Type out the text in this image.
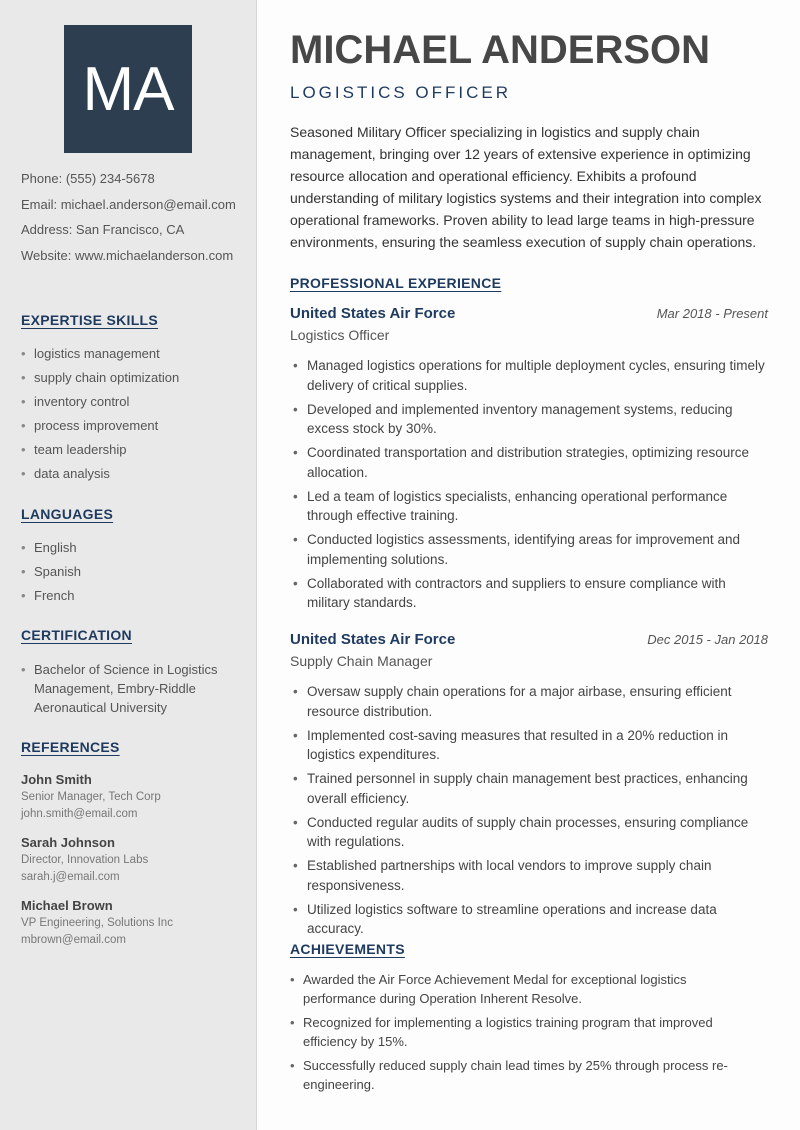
MA
Phone: (555) 234-5678
Email: michael.anderson@email.com
Address: San Francisco, CA
Website: www.michaelanderson.com
EXPERTISE SKILLS
• logistics management
• supply chain optimization
• inventory control
• process improvement
• team leadership
• data analysis
LANGUAGES
• English
• Spanish
• French
CERTIFICATION
• Bachelor of Science in Logistics Management, Embry-Riddle Aeronautical University
REFERENCES
John Smith
Senior Manager, Tech Corp
john.smith@email.com
Sarah Johnson
Director, Innovation Labs
sarah.j@email.com
Michael Brown
VP Engineering, Solutions Inc
mbrown@email.com
MICHAEL ANDERSON
LOGISTICS OFFICER

Seasoned Military Officer specializing in logistics and supply chain management, bringing over 12 years of extensive experience in optimizing resource allocation and operational efficiency. Exhibits a profound understanding of military logistics systems and their integration into complex operational frameworks. Proven ability to lead large teams in high-pressure environments, ensuring the seamless execution of supply chain operations.

PROFESSIONAL EXPERIENCE
United States Air Force	Mar 2018 - Present
Logistics Officer
• Managed logistics operations for multiple deployment cycles, ensuring timely delivery of critical supplies.
• Developed and implemented inventory management systems, reducing excess stock by 30%.
• Coordinated transportation and distribution strategies, optimizing resource allocation.
• Led a team of logistics specialists, enhancing operational performance through effective training.
• Conducted logistics assessments, identifying areas for improvement and implementing solutions.
• Collaborated with contractors and suppliers to ensure compliance with military standards.
United States Air Force	Dec 2015 - Jan 2018
Supply Chain Manager
• Oversaw supply chain operations for a major airbase, ensuring efficient resource distribution.
• Implemented cost-saving measures that resulted in a 20% reduction in logistics expenditures.
• Trained personnel in supply chain management best practices, enhancing overall efficiency.
• Conducted regular audits of supply chain processes, ensuring compliance with regulations.
• Established partnerships with local vendors to improve supply chain responsiveness.
• Utilized logistics software to streamline operations and increase data accuracy.
ACHIEVEMENTS
• Awarded the Air Force Achievement Medal for exceptional logistics performance during Operation Inherent Resolve.
• Recognized for implementing a logistics training program that improved efficiency by 15%.
• Successfully reduced supply chain lead times by 25% through process re-engineering.
